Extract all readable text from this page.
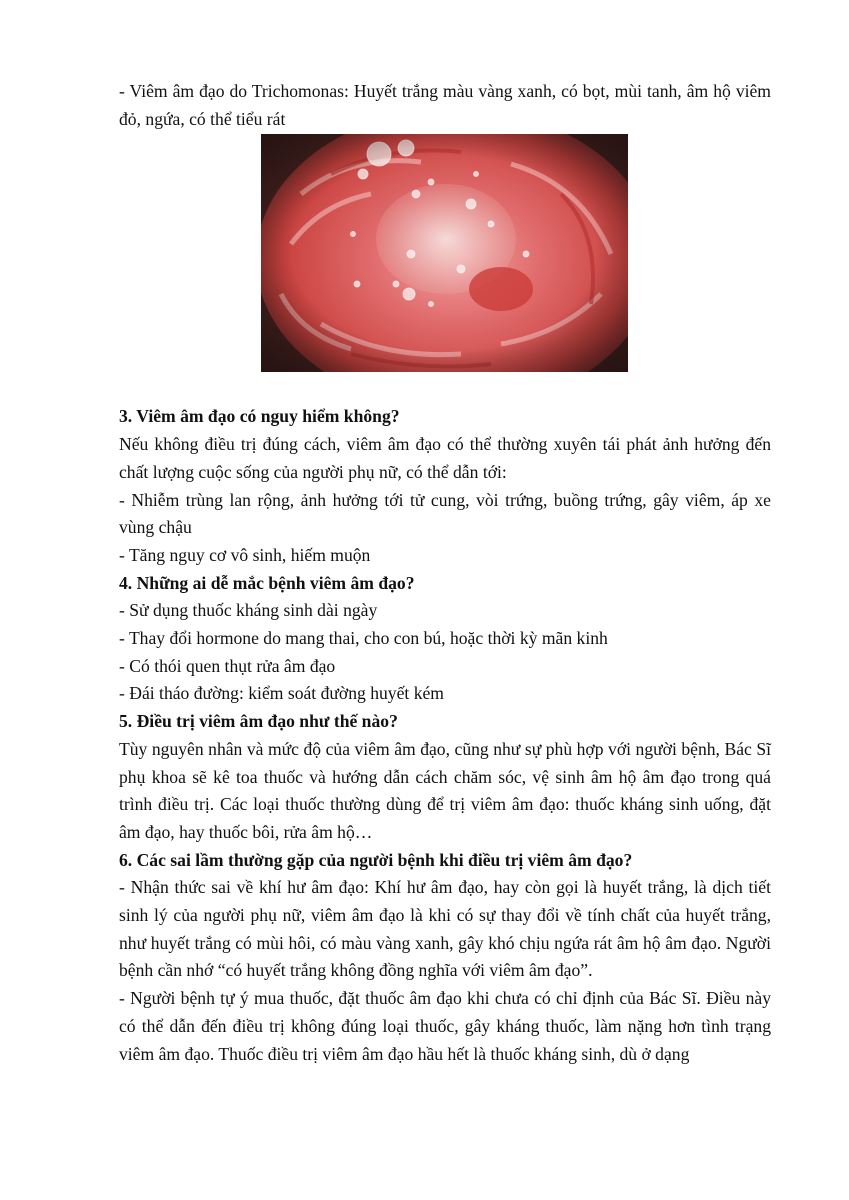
- Viêm âm đạo do Trichomonas: Huyết trắng màu vàng xanh, có bọt, mùi tanh, âm hộ viêm đỏ, ngứa, có thể tiểu rát

3. Viêm âm đạo có nguy hiểm không?

Nếu không điều trị đúng cách, viêm âm đạo có thể thường xuyên tái phát ảnh hưởng đến chất lượng cuộc sống của người phụ nữ, có thể dẫn tới:

- Nhiễm trùng lan rộng, ảnh hưởng tới tử cung, vòi trứng, buồng trứng, gây viêm, áp xe vùng chậu

- Tăng nguy cơ vô sinh, hiếm muộn

4. Những ai dễ mắc bệnh viêm âm đạo?

- Sử dụng thuốc kháng sinh dài ngày

- Thay đổi hormone do mang thai, cho con bú, hoặc thời kỳ mãn kinh

- Có thói quen thụt rửa âm đạo

- Đái tháo đường: kiểm soát đường huyết kém

5. Điều trị viêm âm đạo như thế nào?

Tùy nguyên nhân và mức độ của viêm âm đạo, cũng như sự phù hợp với người bệnh, Bác Sĩ phụ khoa sẽ kê toa thuốc và hướng dẫn cách chăm sóc, vệ sinh âm hộ âm đạo trong quá trình điều trị. Các loại thuốc thường dùng để trị viêm âm đạo: thuốc kháng sinh uống, đặt âm đạo, hay thuốc bôi, rửa âm hộ…

6. Các sai lầm thường gặp của người bệnh khi điều trị viêm âm đạo?

- Nhận thức sai về khí hư âm đạo: Khí hư âm đạo, hay còn gọi là huyết trắng, là dịch tiết sinh lý của người phụ nữ, viêm âm đạo là khi có sự thay đổi về tính chất của huyết trắng, như huyết trắng có mùi hôi, có màu vàng xanh, gây khó chịu ngứa rát âm hộ âm đạo. Người bệnh cần nhớ “có huyết trắng không đồng nghĩa với viêm âm đạo”.

- Người bệnh tự ý mua thuốc, đặt thuốc âm đạo khi chưa có chỉ định của Bác Sĩ. Điều này có thể dẫn đến điều trị không đúng loại thuốc, gây kháng thuốc, làm nặng hơn tình trạng viêm âm đạo. Thuốc điều trị viêm âm đạo hầu hết là thuốc kháng sinh, dù ở dạng
